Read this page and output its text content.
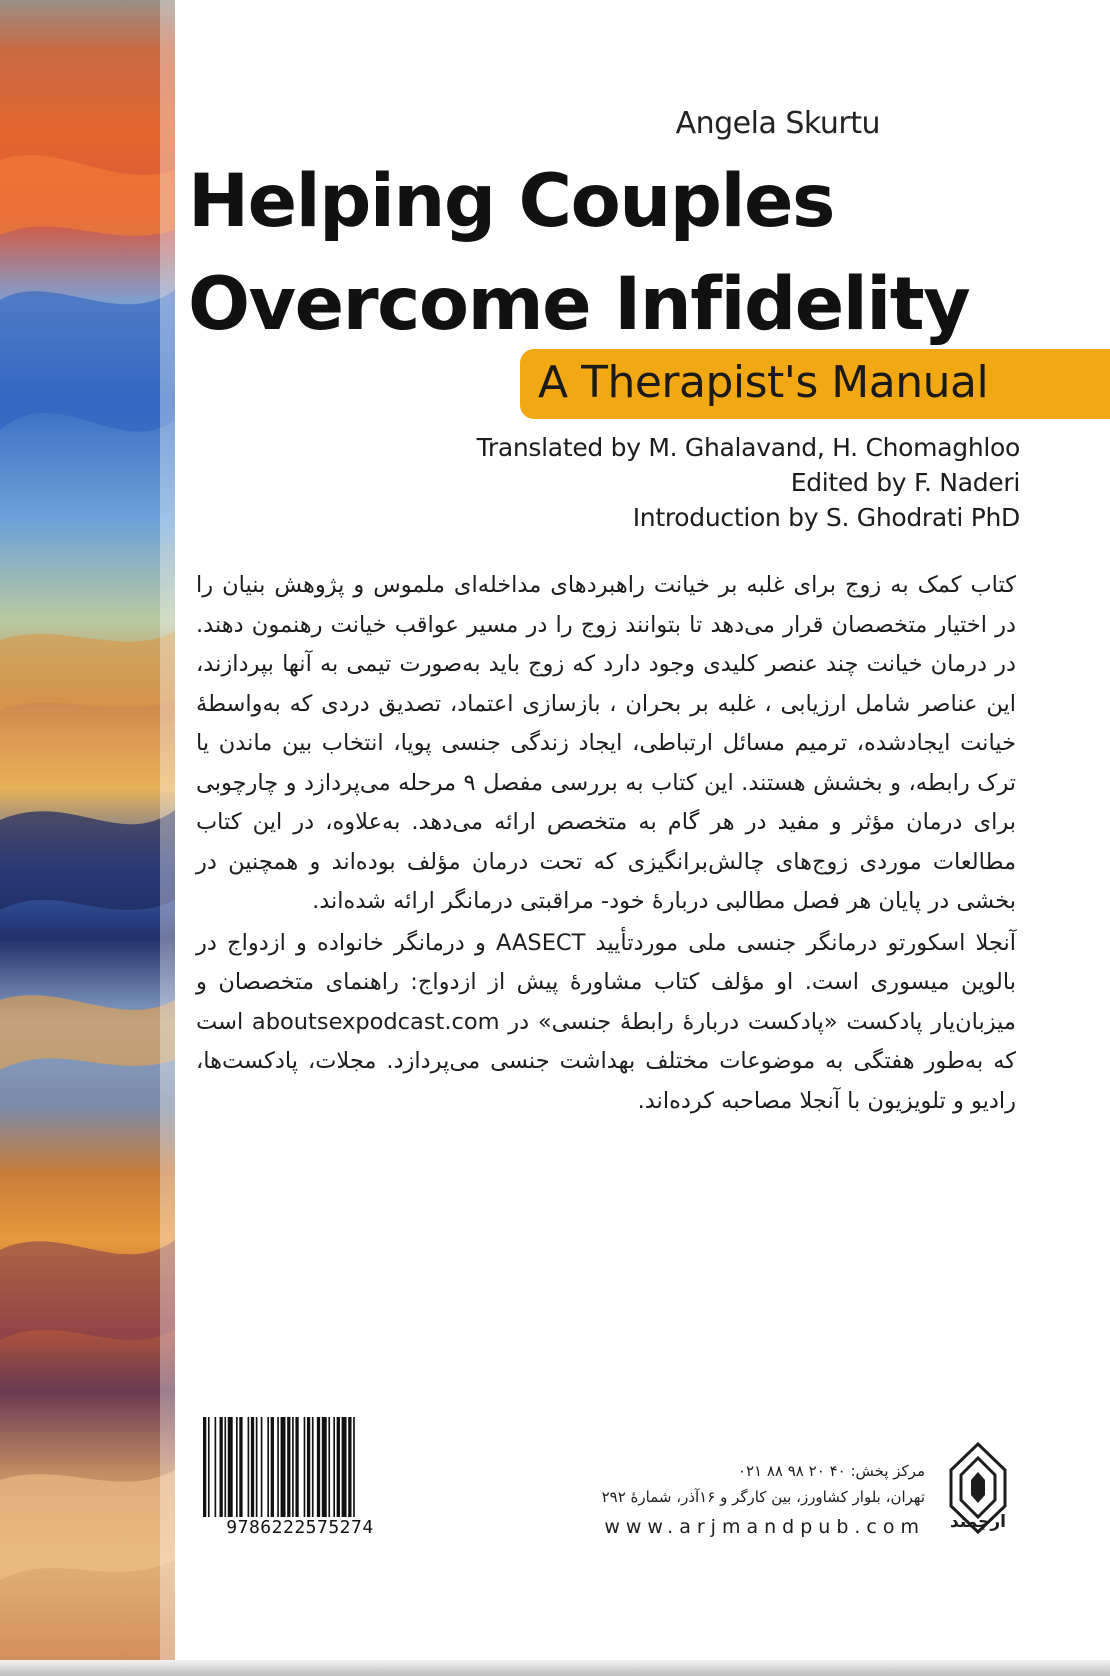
Angela Skurtu
Helping Couples
Overcome Infidelity
A Therapist's Manual
Translated by M. Ghalavand, H. Chomaghloo
Edited by F. Naderi
Introduction by S. Ghodrati PhD

کتاب کمک به زوج برای غلبه بر خیانت راهبردهای مداخله‌ای ملموس و پژوهش بنیان را در اختیار متخصصان قرار می‌دهد تا بتوانند زوج را در مسیر عواقب خیانت رهنمون دهند. در درمان خیانت چند عنصر کلیدی وجود دارد که زوج باید به‌صورت تیمی به آنها بپردازند، این عناصر شامل ارزیابی ، غلبه بر بحران ، بازسازی اعتماد، تصدیق دردی که به‌واسطهٔ خیانت ایجادشده، ترمیم مسائل ارتباطی، ایجاد زندگی جنسی پویا، انتخاب بین ماندن یا ترک رابطه، و بخشش هستند. این کتاب به بررسی مفصل ۹ مرحله می‌پردازد و چارچوبی برای درمان مؤثر و مفید در هر گام به متخصص ارائه می‌دهد. به‌علاوه، در این کتاب مطالعات موردی زوج‌های چالش‌برانگیزی که تحت درمان مؤلف بوده‌اند و همچنین در بخشی در پایان هر فصل مطالبی دربارهٔ خود- مراقبتی درمانگر ارائه شده‌اند.

آنجلا اسکورتو درمانگر جنسی ملی موردتأیید AASECT و درمانگر خانواده و ازدواج در بالوین میسوری است. او مؤلف کتاب مشاورهٔ پیش از ازدواج: راهنمای متخصصان و میزبان‌یار پادکست «پادکست دربارهٔ رابطهٔ جنسی» در aboutsexpodcast.com است که به‌طور هفتگی به موضوعات مختلف بهداشت جنسی می‌پردازد. مجلات، پادکست‌ها، رادیو و تلویزیون با آنجلا مصاحبه کرده‌اند.

9786222575274
مرکز پخش: ۴۰ ۲۰ ۹۸ ۸۸ ۰۲۱
تهران، بلوار کشاورز، بین کارگر و ۱۶آذر، شمارهٔ ۲۹۲
www.arjmandpub.com	ارجمند
